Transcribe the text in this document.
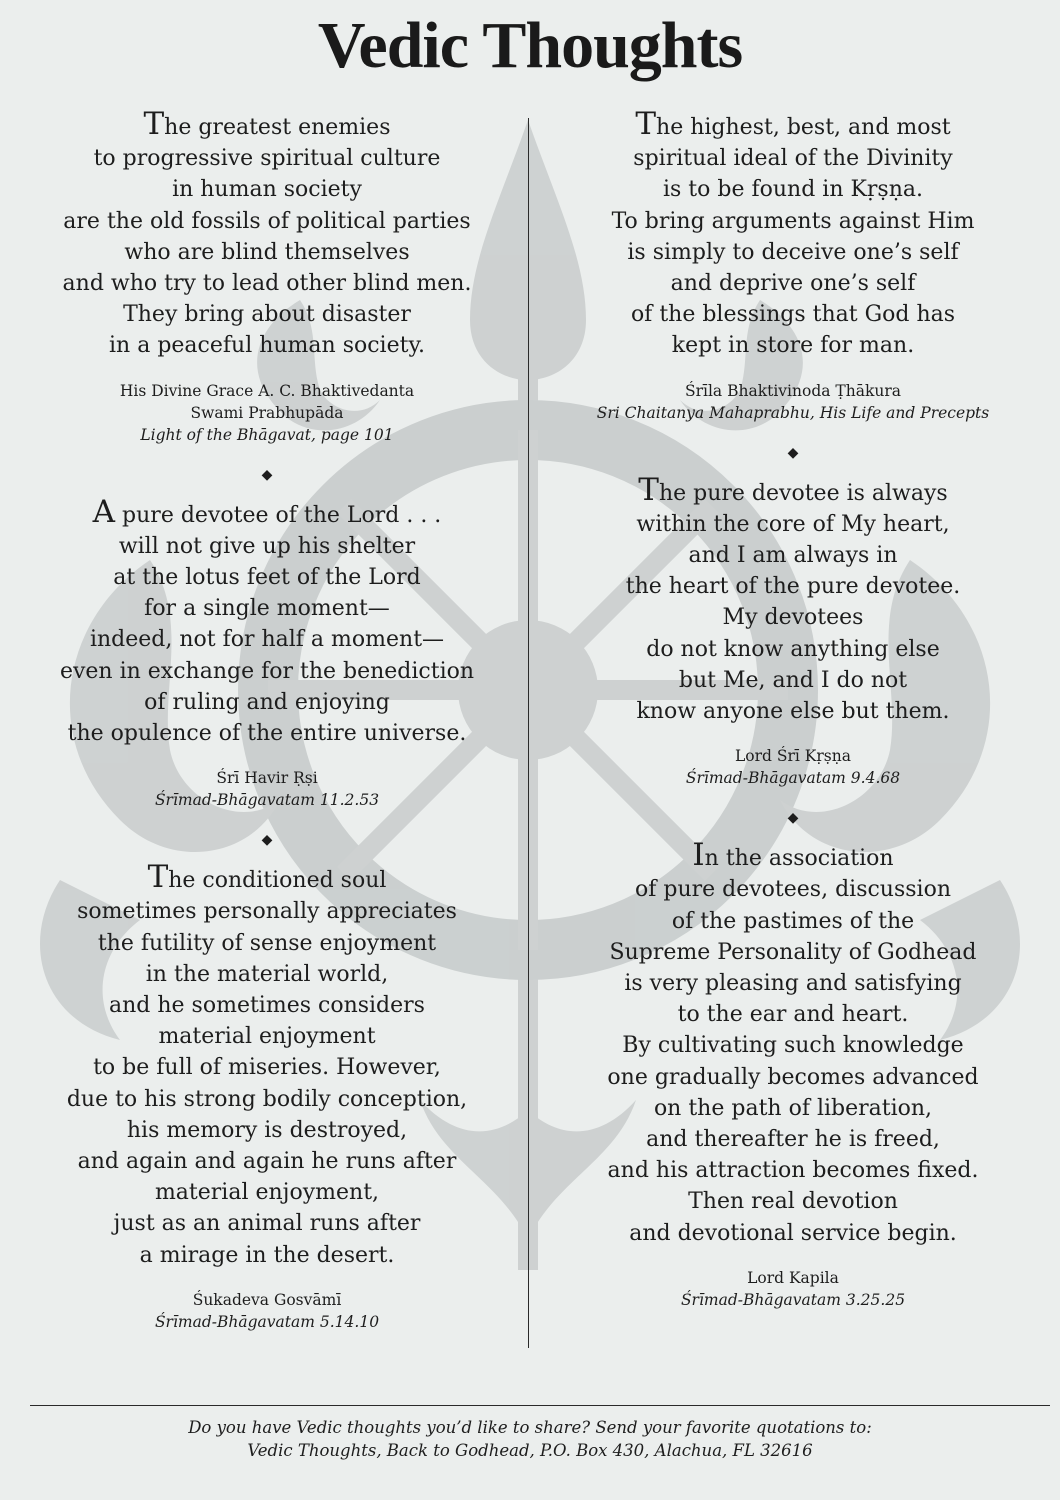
Vedic Thoughts

The greatest enemies
to progressive spiritual culture
in human society
are the old fossils of political parties
who are blind themselves
and who try to lead other blind men.
They bring about disaster
in a peaceful human society.

His Divine Grace A. C. Bhaktivedanta
Swami Prabhupāda
Light of the Bhāgavat, page 101
◆

A pure devotee of the Lord . . .
will not give up his shelter
at the lotus feet of the Lord
for a single moment—
indeed, not for half a moment—
even in exchange for the benediction
of ruling and enjoying
the opulence of the entire universe.

Śrī Havir Ṛṣi
Śrīmad-Bhāgavatam 11.2.53
◆

The conditioned soul
sometimes personally appreciates
the futility of sense enjoyment
in the material world,
and he sometimes considers
material enjoyment
to be full of miseries. However,
due to his strong bodily conception,
his memory is destroyed,
and again and again he runs after
material enjoyment,
just as an animal runs after
a mirage in the desert.

Śukadeva Gosvāmī
Śrīmad-Bhāgavatam 5.14.10

The highest, best, and most
spiritual ideal of the Divinity
is to be found in Kṛṣṇa.
To bring arguments against Him
is simply to deceive one’s self
and deprive one’s self
of the blessings that God has
kept in store for man.

Śrīla Bhaktivinoda Ṭhākura
Sri Chaitanya Mahaprabhu, His Life and Precepts
◆

The pure devotee is always
within the core of My heart,
and I am always in
the heart of the pure devotee.
My devotees
do not know anything else
but Me, and I do not
know anyone else but them.

Lord Śrī Kṛṣṇa
Śrīmad-Bhāgavatam 9.4.68
◆

In the association
of pure devotees, discussion
of the pastimes of the
Supreme Personality of Godhead
is very pleasing and satisfying
to the ear and heart.
By cultivating such knowledge
one gradually becomes advanced
on the path of liberation,
and thereafter he is freed,
and his attraction becomes fixed.
Then real devotion
and devotional service begin.

Lord Kapila
Śrīmad-Bhāgavatam 3.25.25
Do you have Vedic thoughts you’d like to share? Send your favorite quotations to:
Vedic Thoughts, Back to Godhead, P.O. Box 430, Alachua, FL 32616
